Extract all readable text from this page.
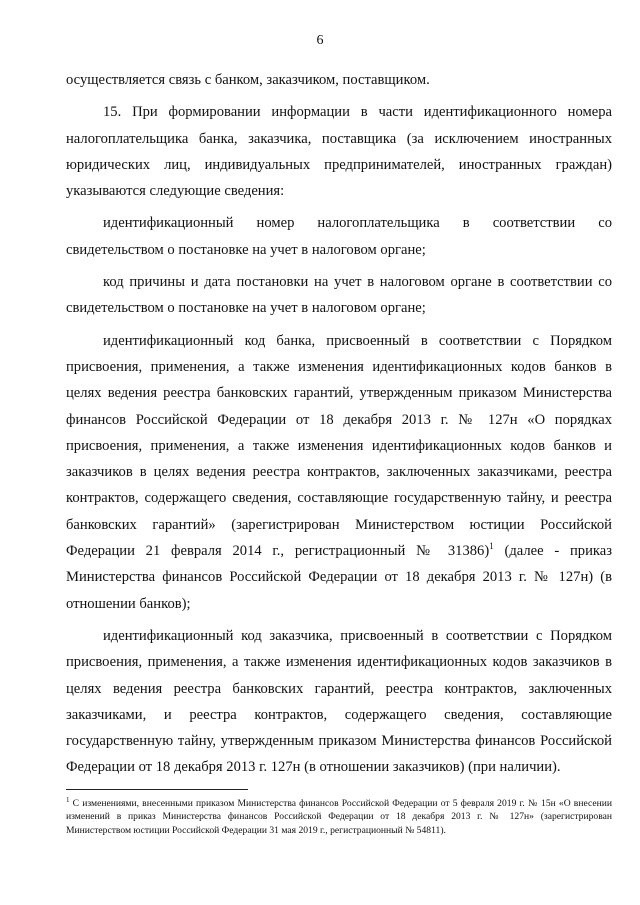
6

осуществляется связь с банком, заказчиком, поставщиком.

15. При формировании информации в части идентификационного номера налогоплательщика банка, заказчика, поставщика (за исключением иностранных юридических лиц, индивидуальных предпринимателей, иностранных граждан) указываются следующие сведения:

идентификационный номер налогоплательщика в соответствии со свидетельством о постановке на учет в налоговом органе;

код причины и дата постановки на учет в налоговом органе в соответствии со свидетельством о постановке на учет в налоговом органе;

идентификационный код банка, присвоенный в соответствии с Порядком присвоения, применения, а также изменения идентификационных кодов банков в целях ведения реестра банковских гарантий, утвержденным приказом Министерства финансов Российской Федерации от 18 декабря 2013 г. № 127н «О порядках присвоения, применения, а также изменения идентификационных кодов банков и заказчиков в целях ведения реестра контрактов, заключенных заказчиками, реестра контрактов, содержащего сведения, составляющие государственную тайну, и реестра банковских гарантий» (зарегистрирован Министерством юстиции Российской Федерации 21 февраля 2014 г., регистрационный № 31386)$^1$ (далее - приказ Министерства финансов Российской Федерации от 18 декабря 2013 г. № 127н) (в отношении банков);

идентификационный код заказчика, присвоенный в соответствии с Порядком присвоения, применения, а также изменения идентификационных кодов заказчиков в целях ведения реестра банковских гарантий, реестра контрактов, заключенных заказчиками, и реестра контрактов, содержащего сведения, составляющие государственную тайну, утвержденным приказом Министерства финансов Российской Федерации от 18 декабря 2013 г. 127н (в отношении заказчиков) (при наличии).

$^1$ С изменениями, внесенными приказом Министерства финансов Российской Федерации от 5 февраля 2019 г. № 15н «О внесении изменений в приказ Министерства финансов Российской Федерации от 18 декабря 2013 г. № 127н» (зарегистрирован Министерством юстиции Российской Федерации 31 мая 2019 г., регистрационный № 54811).
